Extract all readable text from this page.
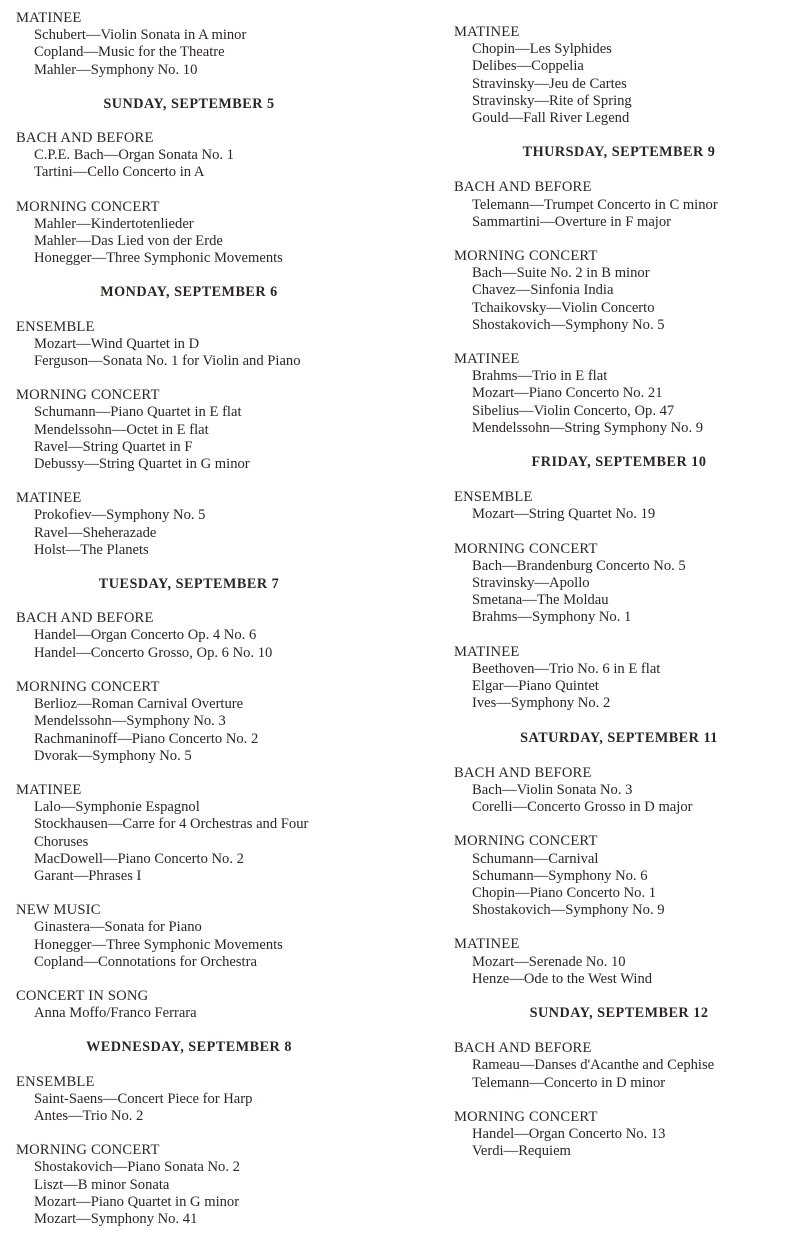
MATINEE
Schubert—Violin Sonata in A minor
Copland—Music for the Theatre
Mahler—Symphony No. 10
SUNDAY, SEPTEMBER 5
BACH AND BEFORE
C.P.E. Bach—Organ Sonata No. 1
Tartini—Cello Concerto in A
MORNING CONCERT
Mahler—Kindertotenlieder
Mahler—Das Lied von der Erde
Honegger—Three Symphonic Movements
MONDAY, SEPTEMBER 6
ENSEMBLE
Mozart—Wind Quartet in D
Ferguson—Sonata No. 1 for Violin and Piano
MORNING CONCERT
Schumann—Piano Quartet in E flat
Mendelssohn—Octet in E flat
Ravel—String Quartet in F
Debussy—String Quartet in G minor
MATINEE
Prokofiev—Symphony No. 5
Ravel—Sheherazade
Holst—The Planets
TUESDAY, SEPTEMBER 7
BACH AND BEFORE
Handel—Organ Concerto Op. 4 No. 6
Handel—Concerto Grosso, Op. 6 No. 10
MORNING CONCERT
Berlioz—Roman Carnival Overture
Mendelssohn—Symphony No. 3
Rachmaninoff—Piano Concerto No. 2
Dvorak—Symphony No. 5
MATINEE
Lalo—Symphonie Espagnol
Stockhausen—Carre for 4 Orchestras and Four Choruses
MacDowell—Piano Concerto No. 2
Garant—Phrases I
NEW MUSIC
Ginastera—Sonata for Piano
Honegger—Three Symphonic Movements
Copland—Connotations for Orchestra
CONCERT IN SONG
Anna Moffo/Franco Ferrara
WEDNESDAY, SEPTEMBER 8
ENSEMBLE
Saint-Saens—Concert Piece for Harp
Antes—Trio No. 2
MORNING CONCERT
Shostakovich—Piano Sonata No. 2
Liszt—B minor Sonata
Mozart—Piano Quartet in G minor
Mozart—Symphony No. 41
MATINEE
Chopin—Les Sylphides
Delibes—Coppelia
Stravinsky—Jeu de Cartes
Stravinsky—Rite of Spring
Gould—Fall River Legend
THURSDAY, SEPTEMBER 9
BACH AND BEFORE
Telemann—Trumpet Concerto in C minor
Sammartini—Overture in F major
MORNING CONCERT
Bach—Suite No. 2 in B minor
Chavez—Sinfonia India
Tchaikovsky—Violin Concerto
Shostakovich—Symphony No. 5
MATINEE
Brahms—Trio in E flat
Mozart—Piano Concerto No. 21
Sibelius—Violin Concerto, Op. 47
Mendelssohn—String Symphony No. 9
FRIDAY, SEPTEMBER 10
ENSEMBLE
Mozart—String Quartet No. 19
MORNING CONCERT
Bach—Brandenburg Concerto No. 5
Stravinsky—Apollo
Smetana—The Moldau
Brahms—Symphony No. 1
MATINEE
Beethoven—Trio No. 6 in E flat
Elgar—Piano Quintet
Ives—Symphony No. 2
SATURDAY, SEPTEMBER 11
BACH AND BEFORE
Bach—Violin Sonata No. 3
Corelli—Concerto Grosso in D major
MORNING CONCERT
Schumann—Carnival
Schumann—Symphony No. 6
Chopin—Piano Concerto No. 1
Shostakovich—Symphony No. 9
MATINEE
Mozart—Serenade No. 10
Henze—Ode to the West Wind
SUNDAY, SEPTEMBER 12
BACH AND BEFORE
Rameau—Danses d'Acanthe and Cephise
Telemann—Concerto in D minor
MORNING CONCERT
Handel—Organ Concerto No. 13
Verdi—Requiem
